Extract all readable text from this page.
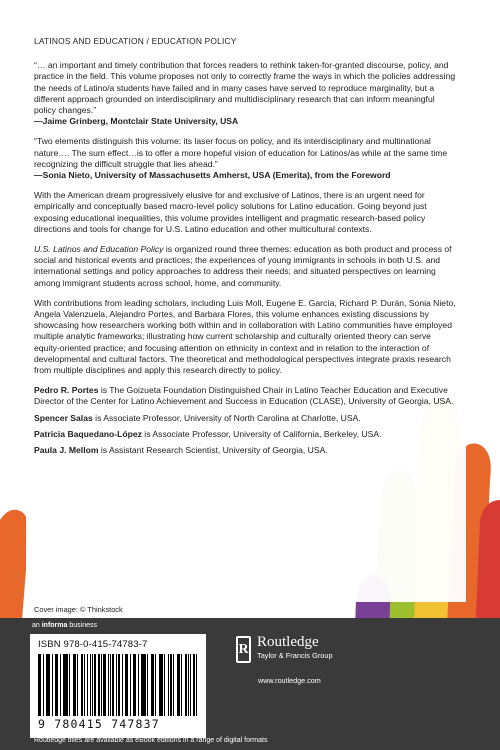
LATINOS AND EDUCATION / EDUCATION POLICY
“… an important and timely contribution that forces readers to rethink taken-for-granted discourse, policy, and practice in the field. This volume proposes not only to correctly frame the ways in which the policies addressing the needs of Latino/a students have failed and in many cases have served to reproduce marginality, but a different approach grounded on interdisciplinary and multidisciplinary research that can inform meaningful policy changes.”
—Jaime Grinberg, Montclair State University, USA
“Two elements distinguish this volume: its laser focus on policy, and its interdisciplinary and multinational nature…. The sum effect…is to offer a more hopeful vision of education for Latinos/as while at the same time recognizing the difficult struggle that lies ahead.”
—Sonia Nieto, University of Massachusetts Amherst, USA (Emerita), from the Foreword

With the American dream progressively elusive for and exclusive of Latinos, there is an urgent need for empirically and conceptually based macro-level policy solutions for Latino education. Going beyond just exposing educational inequalities, this volume provides intelligent and pragmatic research-based policy directions and tools for change for U.S. Latino education and other multicultural contexts.

U.S. Latinos and Education Policy is organized round three themes: education as both product and process of social and historical events and practices; the experiences of young immigrants in schools in both U.S. and international settings and policy approaches to address their needs; and situated perspectives on learning among immigrant students across school, home, and community.

With contributions from leading scholars, including Luis Moll, Eugene E. García, Richard P. Durán, Sonia Nieto, Angela Valenzuela, Alejandro Portes, and Barbara Flores, this volume enhances existing discussions by showcasing how researchers working both within and in collaboration with Latino communities have employed multiple analytic frameworks; illustrating how current scholarship and culturally oriented theory can serve equity-oriented practice; and focusing attention on ethnicity in context and in relation to the interaction of developmental and cultural factors. The theoretical and methodological perspectives integrate praxis research from multiple disciplines and apply this research directly to policy.

Pedro R. Portes is The Goizueta Foundation Distinguished Chair in Latino Teacher Education and Executive Director of the Center for Latino Achievement and Success in Education (CLASE), University of Georgia, USA.
Spencer Salas is Associate Professor, University of North Carolina at Charlotte, USA.
Patricia Baquedano-López is Associate Professor, University of California, Berkeley, USA.
Paula J. Mellom is Assistant Research Scientist, University of Georgia, USA.
Cover image: © Thinkstock
an informa business
ISBN 978-0-415-74783-7
9 780415 747837
R Routledge
Taylor & Francis Group
www.routledge.com
Routledge titles are available as eBook editions in a range of digital formats
